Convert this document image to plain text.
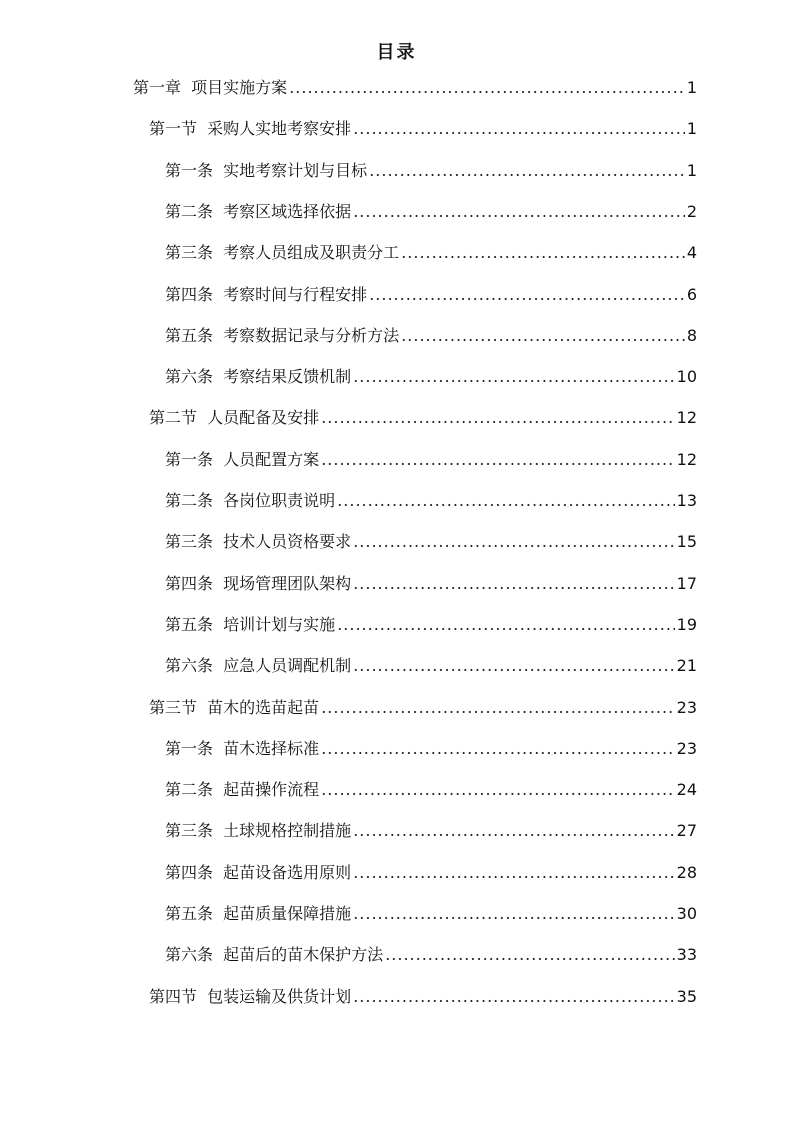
目录
第一章  项目实施方案 .....	1
第一节  采购人实地考察安排 .....	1
第一条  实地考察计划与目标 .....	1
第二条  考察区域选择依据 .....	2
第三条  考察人员组成及职责分工 .....	4
第四条  考察时间与行程安排 .....	6
第五条  考察数据记录与分析方法 .....	8
第六条  考察结果反馈机制 .....	10
第二节  人员配备及安排 .....	12
第一条  人员配置方案 .....	12
第二条  各岗位职责说明 .....	13
第三条  技术人员资格要求 .....	15
第四条  现场管理团队架构 .....	17
第五条  培训计划与实施 .....	19
第六条  应急人员调配机制 .....	21
第三节  苗木的选苗起苗 .....	23
第一条  苗木选择标准 .....	23
第二条  起苗操作流程 .....	24
第三条  土球规格控制措施 .....	27
第四条  起苗设备选用原则 .....	28
第五条  起苗质量保障措施 .....	30
第六条  起苗后的苗木保护方法 .....	33
第四节  包装运输及供货计划 .....	35
